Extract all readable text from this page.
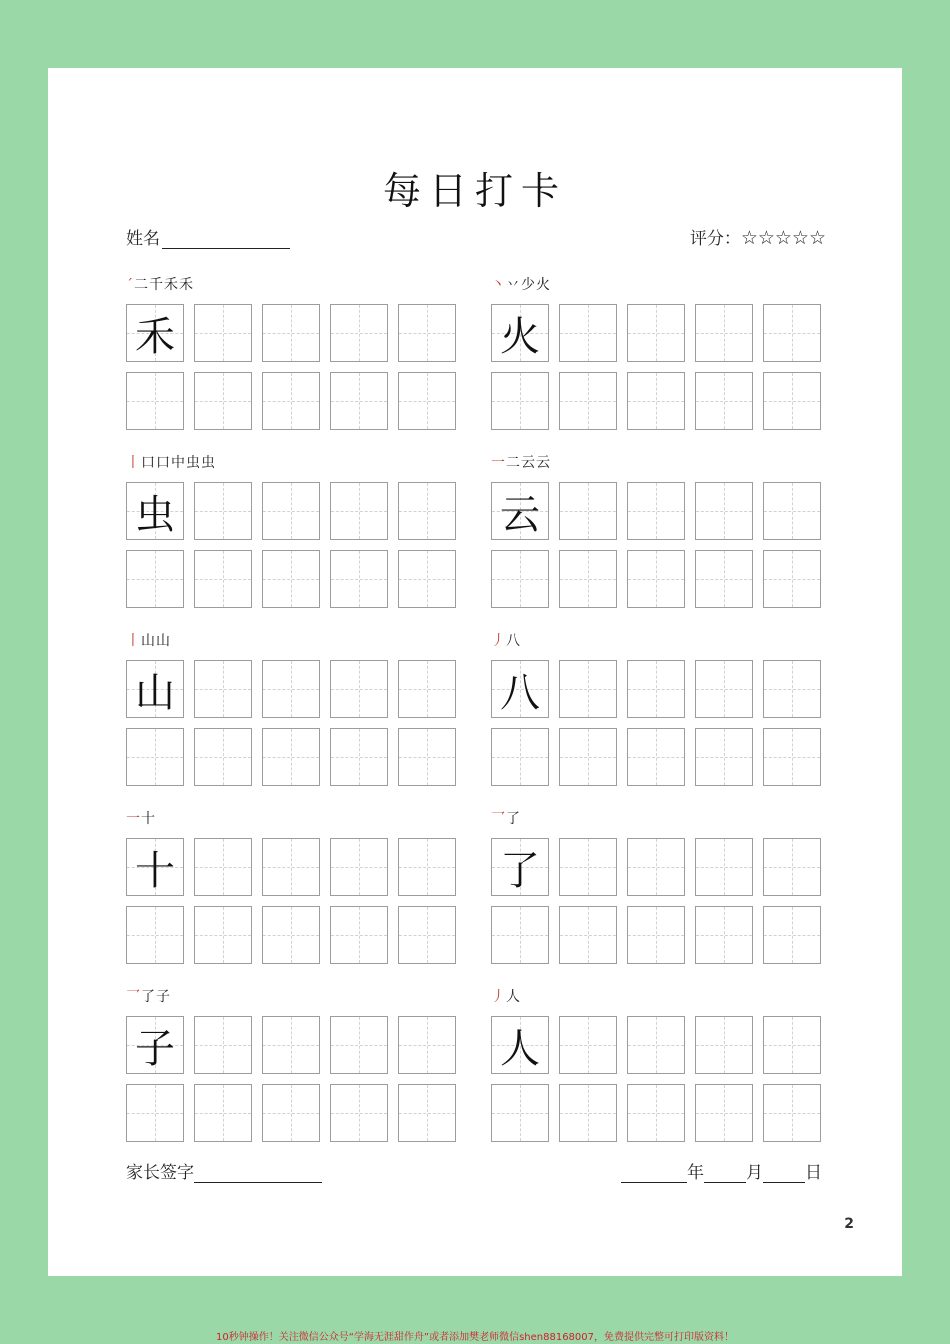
每日打卡
姓名	评分：☆☆☆☆☆
ˊ二千禾禾
禾
丶丷少火
火
丨口口中虫虫
虫
一二云云
云
丨山山
山
丿八
八
一十
十
乛了
了
乛了子
子
丿人
人
家长签字	年 月 日
2
10秒钟操作！关注微信公众号“学海无涯甜作舟”或者添加樊老师微信shen88168007，免费提供完整可打印版资料！
